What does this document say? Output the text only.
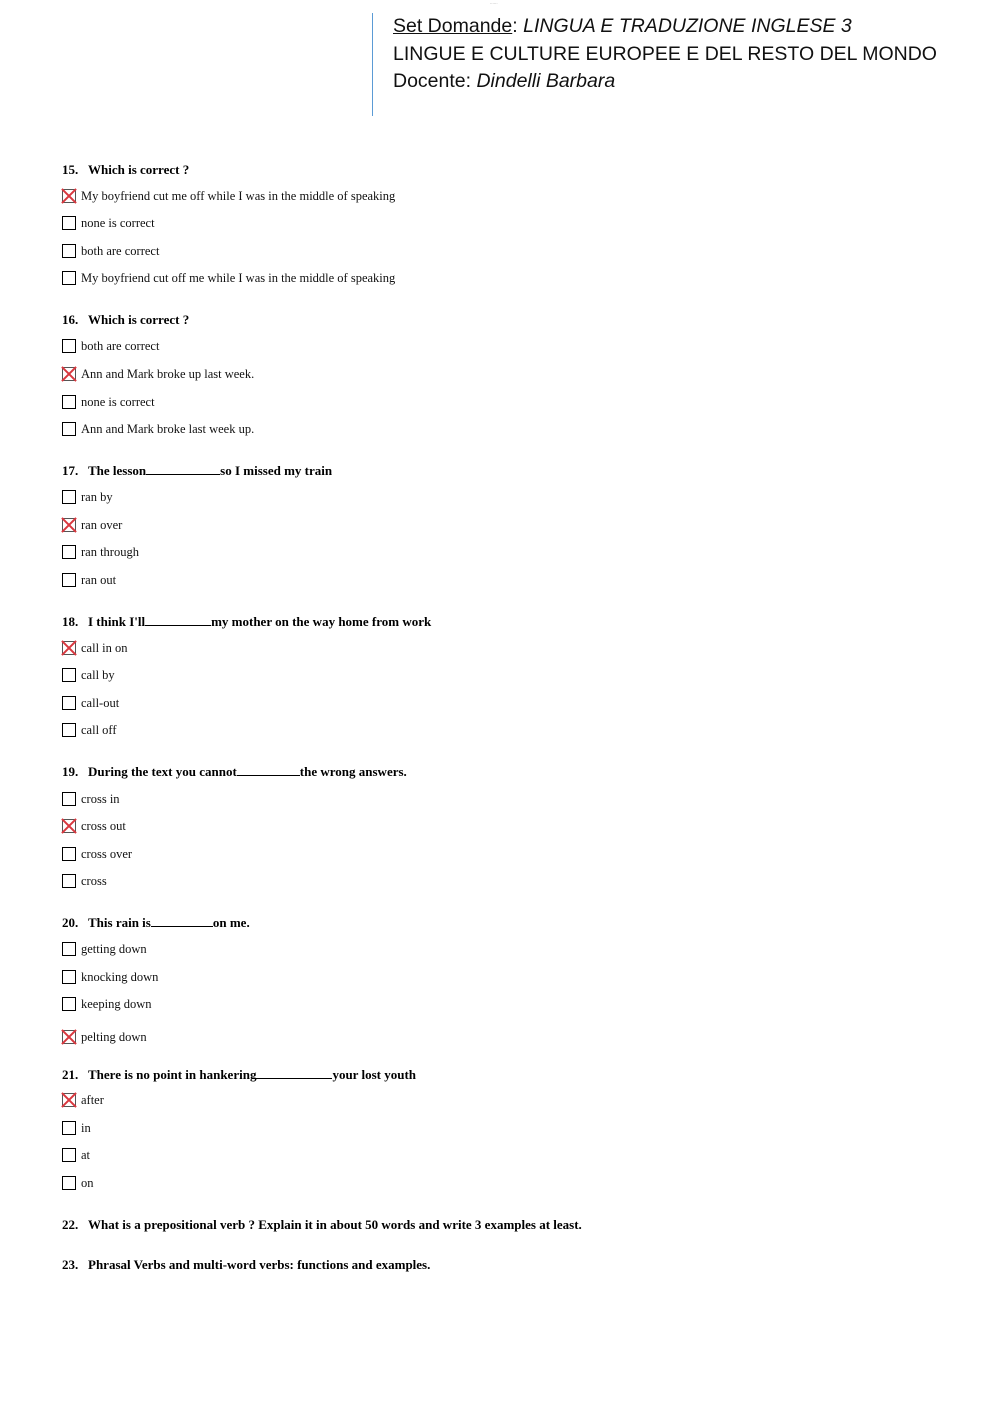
......
Set Domande: LINGUA E TRADUZIONE INGLESE 3
LINGUE E CULTURE EUROPEE E DEL RESTO DEL MONDO
Docente: Dindelli Barbara
15. Which is correct ?
My boyfriend cut me off while I was in the middle of speaking
none is correct
both are correct
My boyfriend cut off me while I was in the middle of speaking
16. Which is correct ?
both are correct
Ann and Mark broke up last week.
none is correct
Ann and Mark broke last week up.
17. The lesson	so I missed my train
ran by
ran over
ran through
ran out
18. I think I'll	my mother on the way home from work
call in on
call by
call-out
call off
19. During the text you cannot	the wrong answers.
cross in
cross out
cross over
cross
20. This rain is	on me.
getting down
knocking down
keeping down
pelting down
21. There is no point in hankering	your lost youth
after
in
at
on
22. What is a prepositional verb ? Explain it in about 50 words and write 3 examples at least.
23. Phrasal Verbs and multi-word verbs: functions and examples.
